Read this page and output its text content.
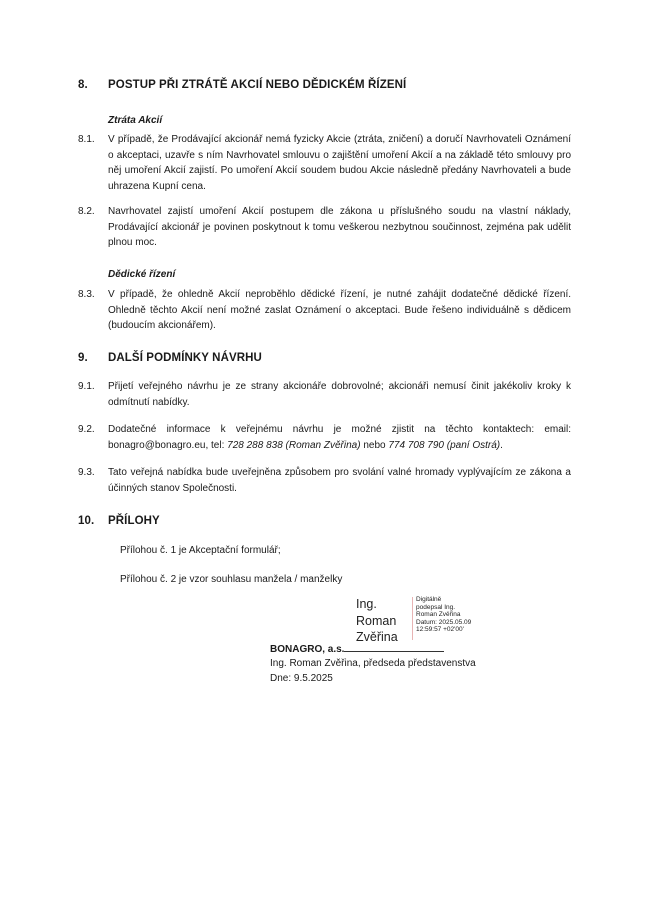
8. POSTUP PŘI ZTRÁTĚ AKCIÍ NEBO DĚDICKÉM ŘÍZENÍ
Ztráta Akcií
8.1. V případě, že Prodávající akcionář nemá fyzicky Akcie (ztráta, zničení) a doručí Navrhovateli Oznámení o akceptaci, uzavře s ním Navrhovatel smlouvu o zajištění umoření Akcií a na základě této smlouvy pro něj umoření Akcií zajistí. Po umoření Akcií soudem budou Akcie následně předány Navrhovateli a bude uhrazena Kupní cena.
8.2. Navrhovatel zajistí umoření Akcií postupem dle zákona u příslušného soudu na vlastní náklady, Prodávající akcionář je povinen poskytnout k tomu veškerou nezbytnou součinnost, zejména pak udělit plnou moc.
Dědické řízení
8.3. V případě, že ohledně Akcií neproběhlo dědické řízení, je nutné zahájit dodatečné dědické řízení. Ohledně těchto Akcií není možné zaslat Oznámení o akceptaci. Bude řešeno individuálně s dědicem (budoucím akcionářem).
9. DALŠÍ PODMÍNKY NÁVRHU
9.1. Přijetí veřejného návrhu je ze strany akcionáře dobrovolné; akcionáři nemusí činit jakékoliv kroky k odmítnutí nabídky.
9.2. Dodatečné informace k veřejnému návrhu je možné zjistit na těchto kontaktech: email: bonagro@bonagro.eu, tel: 728 288 838 (Roman Zvěřina) nebo 774 708 790 (paní Ostrá).
9.3. Tato veřejná nabídka bude uveřejněna způsobem pro svolání valné hromady vyplývajícím ze zákona a účinných stanov Společnosti.
10. PŘÍLOHY
Přílohou č. 1 je Akceptační formulář;
Přílohou č. 2 je vzor souhlasu manžela / manželky
Ing.
Roman
Zvěřina
Digitálně
podepsal Ing.
Roman Zvěřina
Datum: 2025.05.09
12:59:57 +02'00'
BONAGRO, a.s.
Ing. Roman Zvěřina, předseda představenstva
Dne: 9.5.2025
